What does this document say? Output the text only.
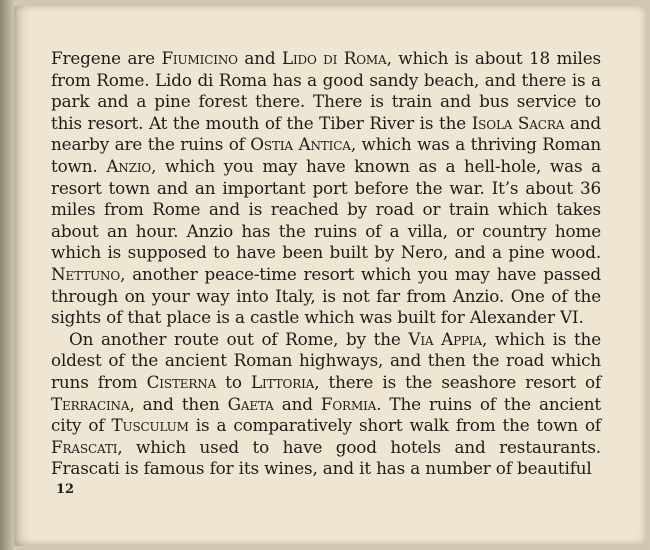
Fregene are Fiumicino and Lido di Roma, which is about 18 miles from Rome. Lido di Roma has a good sandy beach, and there is a park and a pine forest there. There is train and bus service to this resort. At the mouth of the Tiber River is the Isola Sacra and nearby are the ruins of Ostia Antica, which was a thriving Roman town. Anzio, which you may have known as a hell-hole, was a resort town and an important port before the war. It’s about 36 miles from Rome and is reached by road or train which takes about an hour. Anzio has the ruins of a villa, or country home which is supposed to have been built by Nero, and a pine wood. Nettuno, another peace-time resort which you may have passed through on your way into Italy, is not far from Anzio. One of the sights of that place is a castle which was built for Alexander VI.

On another route out of Rome, by the Via Appia, which is the oldest of the ancient Roman highways, and then the road which runs from Cisterna to Littoria, there is the seashore resort of Terracina, and then Gaeta and Formia. The ruins of the ancient city of Tusculum is a comparatively short walk from the town of Frascati, which used to have good hotels and restaurants. Frascati is famous for its wines, and it has a number of beautiful

12
